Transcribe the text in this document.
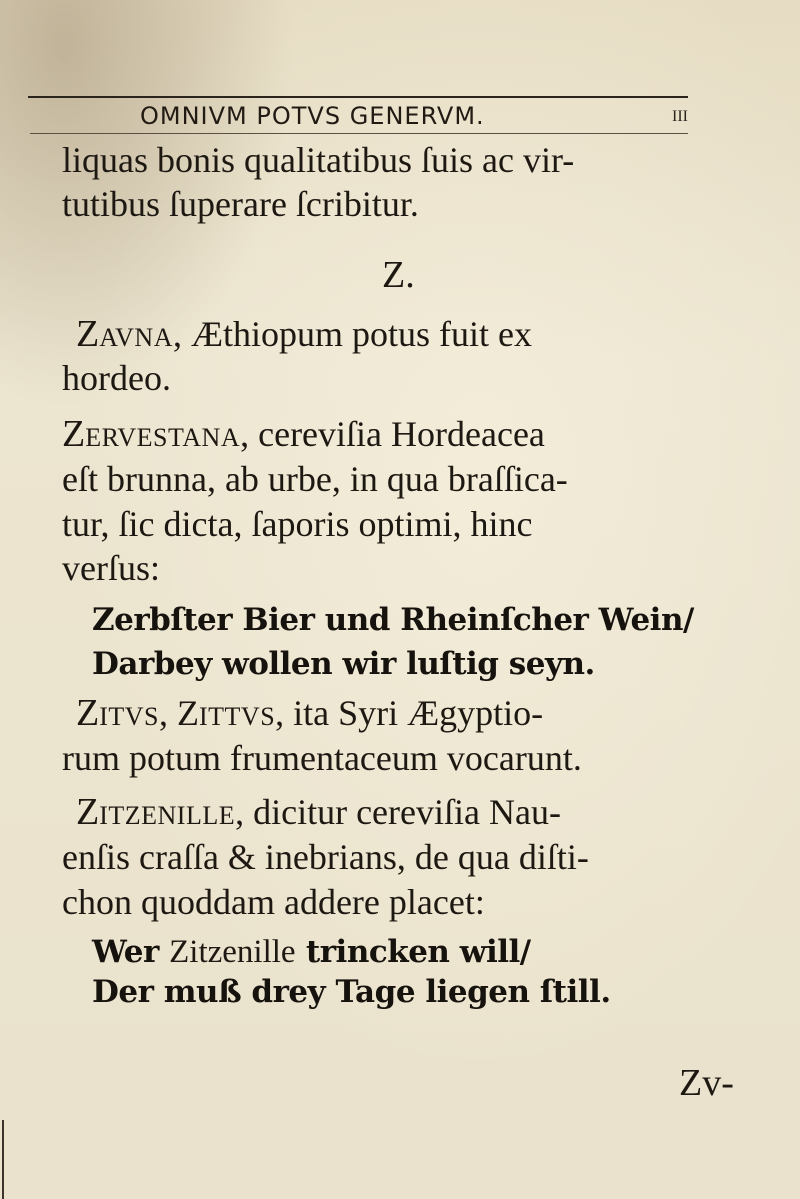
OMNIVM POTVS GENERVM.	III
liquas bonis qualitatibus ſuis ac vir-
tutibus ſuperare ſcribitur.
Z.
ZAVNA, Æthiopum potus fuit ex
hordeo.
ZERVESTANA, cereviſia Hordeacea
eſt brunna, ab urbe, in qua braſſica-
tur, ſic dicta, ſaporis optimi, hinc
verſus:
Zerbſter Bier und Rheinſcher Wein/
Darbey wollen wir luſtig seyn.
ZITVS, ZITTVS, ita Syri Ægyptio-
rum potum frumentaceum vocarunt.
ZITZENILLE, dicitur cereviſia Nau-
enſis craſſa & inebrians, de qua diſti-
chon quoddam addere placet:
Wer Zitzenille trincken will/
Der muß drey Tage liegen ſtill.
Zv-
